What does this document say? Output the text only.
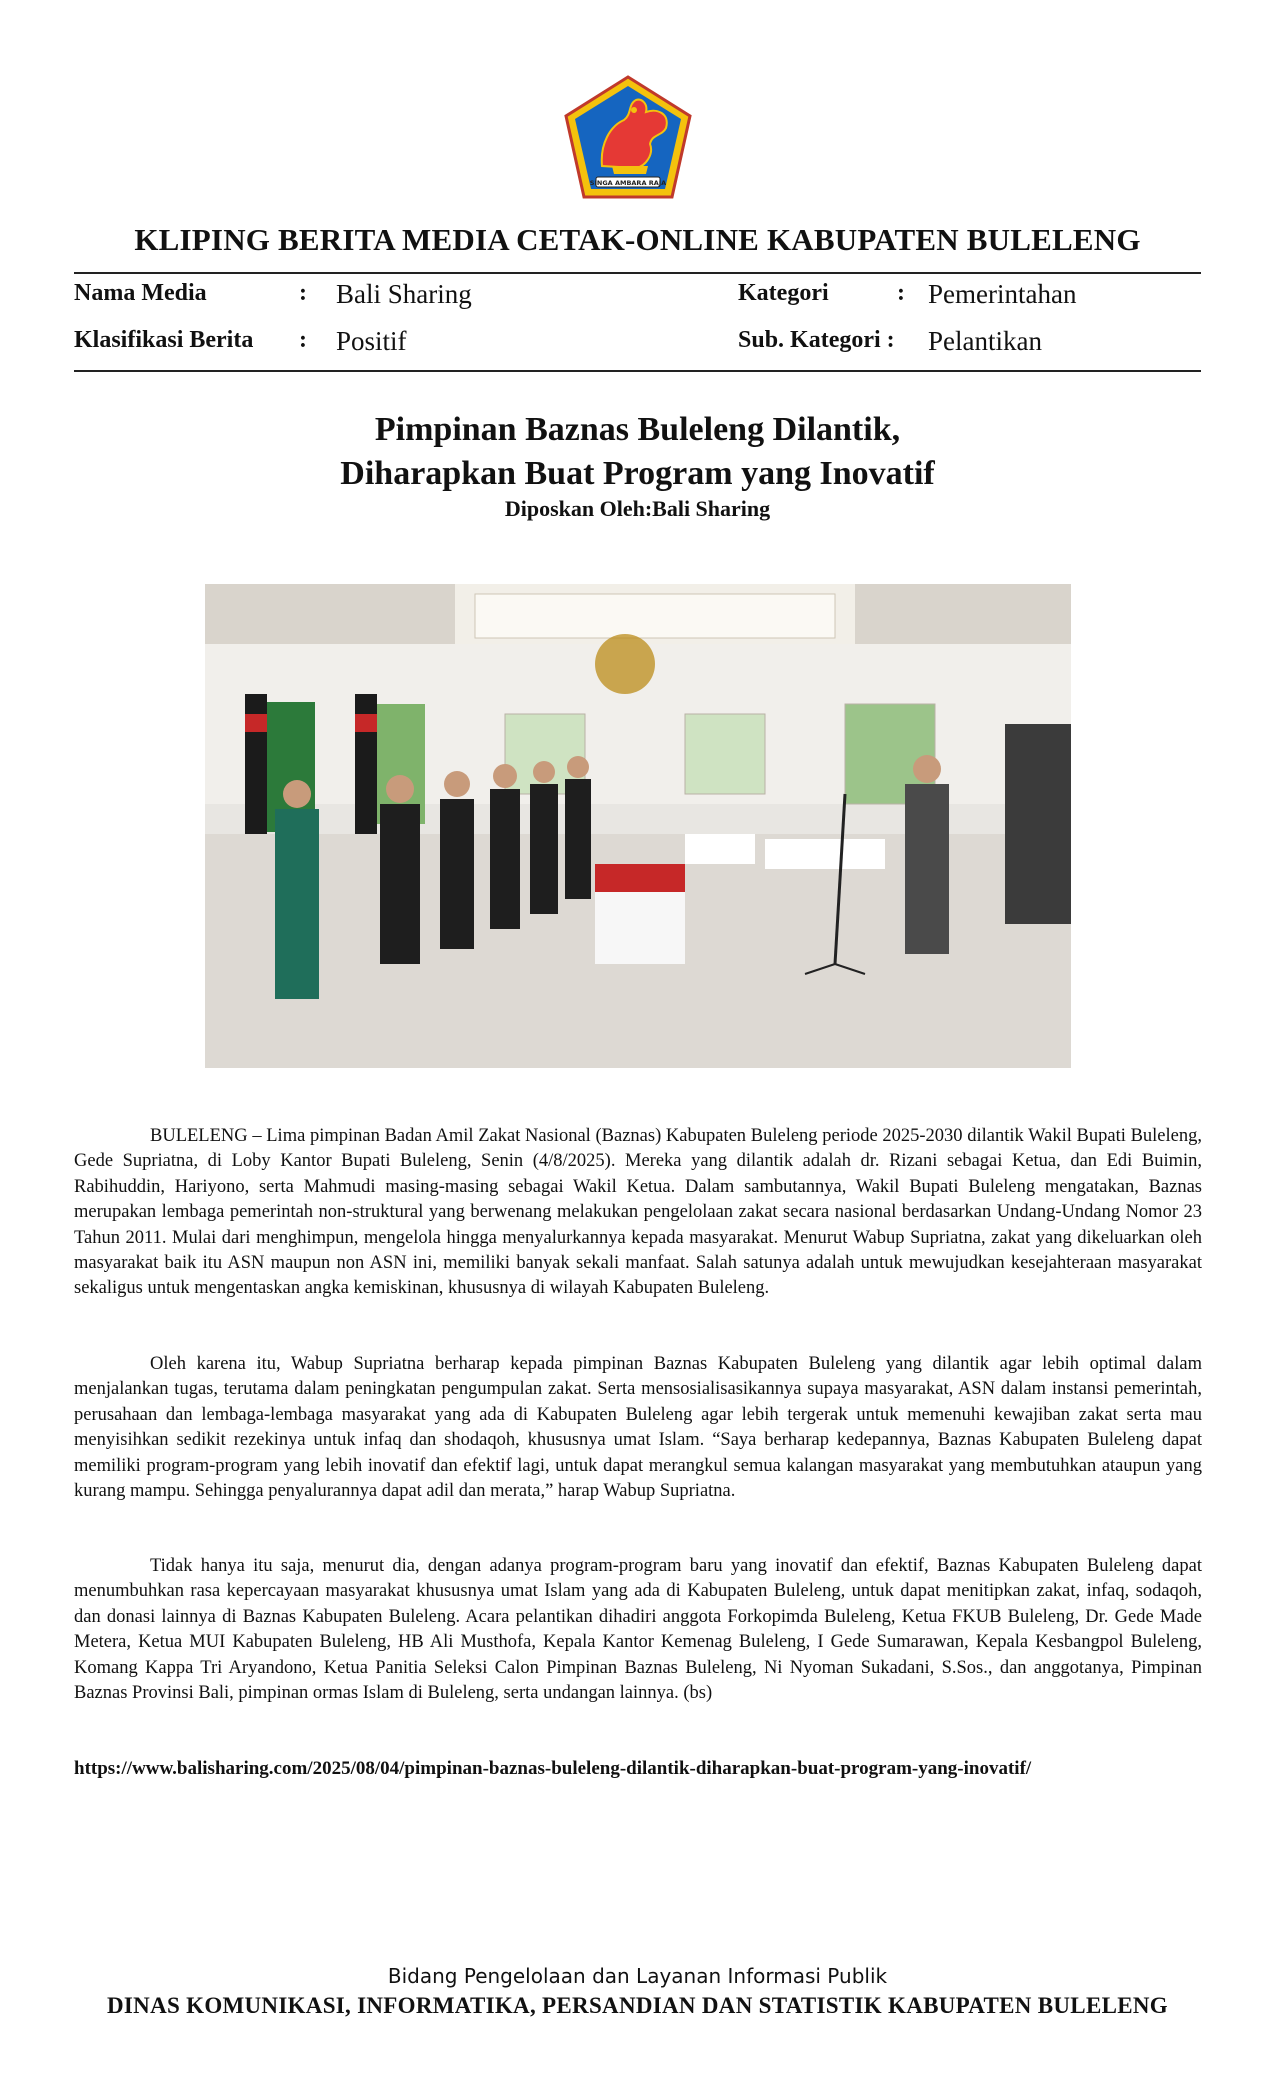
SINGA AMBARA RAJA
KLIPING BERITA MEDIA CETAK-ONLINE KABUPATEN BULELENG
Nama Media	: Bali Sharing	Kategori	: Pemerintahan
Klasifikasi Berita : Positif	Sub. Kategori : Pelantikan
Pimpinan Baznas Buleleng Dilantik,
Diharapkan Buat Program yang Inovatif
Diposkan Oleh:Bali Sharing

BULELENG – Lima pimpinan Badan Amil Zakat Nasional (Baznas) Kabupaten Buleleng periode 2025-2030 dilantik Wakil Bupati Buleleng, Gede Supriatna, di Loby Kantor Bupati Buleleng, Senin (4/8/2025). Mereka yang dilantik adalah dr. Rizani sebagai Ketua, dan Edi Buimin, Rabihuddin, Hariyono, serta Mahmudi masing-masing sebagai Wakil Ketua. Dalam sambutannya, Wakil Bupati Buleleng mengatakan, Baznas merupakan lembaga pemerintah non-struktural yang berwenang melakukan pengelolaan zakat secara nasional berdasarkan Undang-Undang Nomor 23 Tahun 2011. Mulai dari menghimpun, mengelola hingga menyalurkannya kepada masyarakat. Menurut Wabup Supriatna, zakat yang dikeluarkan oleh masyarakat baik itu ASN maupun non ASN ini, memiliki banyak sekali manfaat. Salah satunya adalah untuk mewujudkan kesejahteraan masyarakat sekaligus untuk mengentaskan angka kemiskinan, khususnya di wilayah Kabupaten Buleleng.

Oleh karena itu, Wabup Supriatna berharap kepada pimpinan Baznas Kabupaten Buleleng yang dilantik agar lebih optimal dalam menjalankan tugas, terutama dalam peningkatan pengumpulan zakat. Serta mensosialisasikannya supaya masyarakat, ASN dalam instansi pemerintah, perusahaan dan lembaga-lembaga masyarakat yang ada di Kabupaten Buleleng agar lebih tergerak untuk memenuhi kewajiban zakat serta mau menyisihkan sedikit rezekinya untuk infaq dan shodaqoh, khususnya umat Islam. “Saya berharap kedepannya, Baznas Kabupaten Buleleng dapat memiliki program-program yang lebih inovatif dan efektif lagi, untuk dapat merangkul semua kalangan masyarakat yang membutuhkan ataupun yang kurang mampu. Sehingga penyalurannya dapat adil dan merata,” harap Wabup Supriatna.

Tidak hanya itu saja, menurut dia, dengan adanya program-program baru yang inovatif dan efektif, Baznas Kabupaten Buleleng dapat menumbuhkan rasa kepercayaan masyarakat khususnya umat Islam yang ada di Kabupaten Buleleng, untuk dapat menitipkan zakat, infaq, sodaqoh, dan donasi lainnya di Baznas Kabupaten Buleleng. Acara pelantikan dihadiri anggota Forkopimda Buleleng, Ketua FKUB Buleleng, Dr. Gede Made Metera, Ketua MUI Kabupaten Buleleng, HB Ali Musthofa, Kepala Kantor Kemenag Buleleng, I Gede Sumarawan, Kepala Kesbangpol Buleleng, Komang Kappa Tri Aryandono, Ketua Panitia Seleksi Calon Pimpinan Baznas Buleleng, Ni Nyoman Sukadani, S.Sos., dan anggotanya, Pimpinan Baznas Provinsi Bali, pimpinan ormas Islam di Buleleng, serta undangan lainnya. (bs)

https://www.balisharing.com/2025/08/04/pimpinan-baznas-buleleng-dilantik-diharapkan-buat-program-yang-inovatif/
Bidang Pengelolaan dan Layanan Informasi Publik
DINAS KOMUNIKASI, INFORMATIKA, PERSANDIAN DAN STATISTIK KABUPATEN BULELENG
